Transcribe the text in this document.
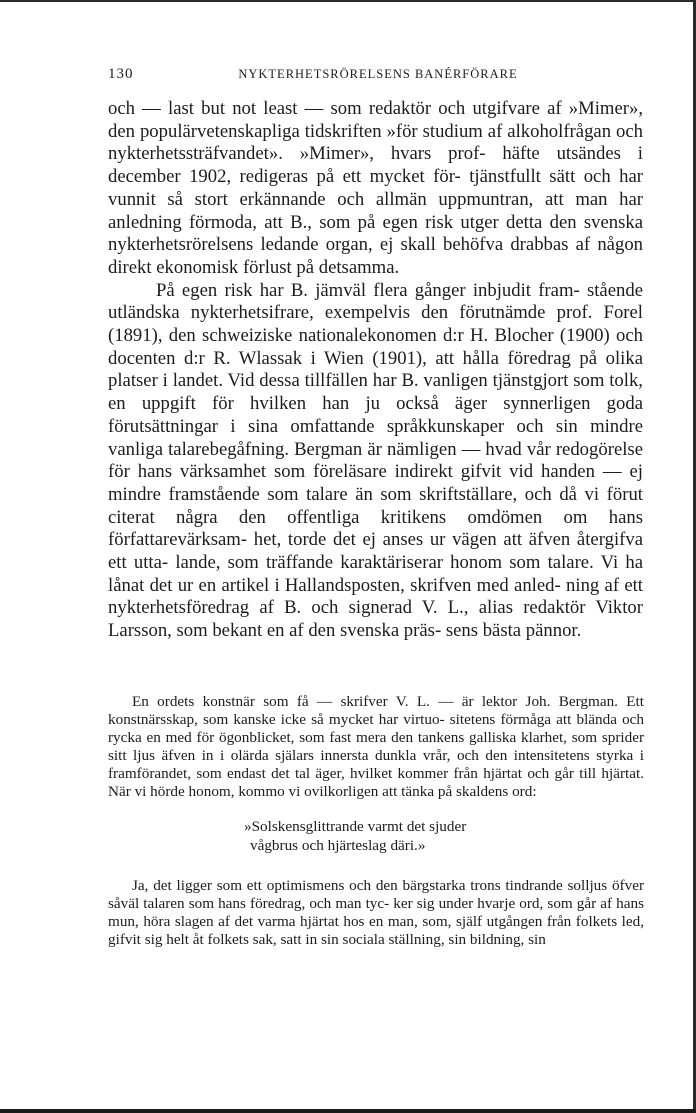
130	NYKTERHETSRÖRELSENS BANÉRFÖRARE

och — last but not least — som redaktör och utgifvare af »Mimer», den populärvetenskapliga tidskriften »för studium af alkoholfrågan och nykterhetssträfvandet». »Mimer», hvars prof- häfte utsändes i december 1902, redigeras på ett mycket för- tjänstfullt sätt och har vunnit så stort erkännande och allmän uppmuntran, att man har anledning förmoda, att B., som på egen risk utger detta den svenska nykterhetsrörelsens ledande organ, ej skall behöfva drabbas af någon direkt ekonomisk förlust på detsamma.

På egen risk har B. jämväl flera gånger inbjudit fram- stående utländska nykterhetsifrare, exempelvis den förutnämde prof. Forel (1891), den schweiziske nationalekonomen d:r H. Blocher (1900) och docenten d:r R. Wlassak i Wien (1901), att hålla föredrag på olika platser i landet. Vid dessa tillfällen har B. vanligen tjänstgjort som tolk, en uppgift för hvilken han ju också äger synnerligen goda förutsättningar i sina omfattande språkkunskaper och sin mindre vanliga talarebegåfning. Bergman är nämligen — hvad vår redogörelse för hans värksamhet som föreläsare indirekt gifvit vid handen — ej mindre framstående som talare än som skriftställare, och då vi förut citerat några den offentliga kritikens omdömen om hans författarevärksam- het, torde det ej anses ur vägen att äfven återgifva ett utta- lande, som träffande karaktäriserar honom som talare. Vi ha lånat det ur en artikel i Hallandsposten, skrifven med anled- ning af ett nykterhetsföredrag af B. och signerad V. L., alias redaktör Viktor Larsson, som bekant en af den svenska präs- sens bästa pännor.

En ordets konstnär som få — skrifver V. L. — är lektor Joh. Bergman. Ett konstnärsskap, som kanske icke så mycket har virtuo- sitetens förmåga att blända och rycka en med för ögonblicket, som fast mera den tankens galliska klarhet, som sprider sitt ljus äfven in i olärda själars innersta dunkla vrår, och den intensitetens styrka i framförandet, som endast det tal äger, hvilket kommer från hjärtat och går till hjärtat. När vi hörde honom, kommo vi ovilkorligen att tänka på skaldens ord:

»Solskensglittrande varmt det sjuder
vågbrus och hjärteslag däri.»

Ja, det ligger som ett optimismens och den bärgstarka trons tindrande solljus öfver såväl talaren som hans föredrag, och man tyc- ker sig under hvarje ord, som går af hans mun, höra slagen af det varma hjärtat hos en man, som, själf utgången från folkets led, gifvit sig helt åt folkets sak, satt in sin sociala ställning, sin bildning, sin
